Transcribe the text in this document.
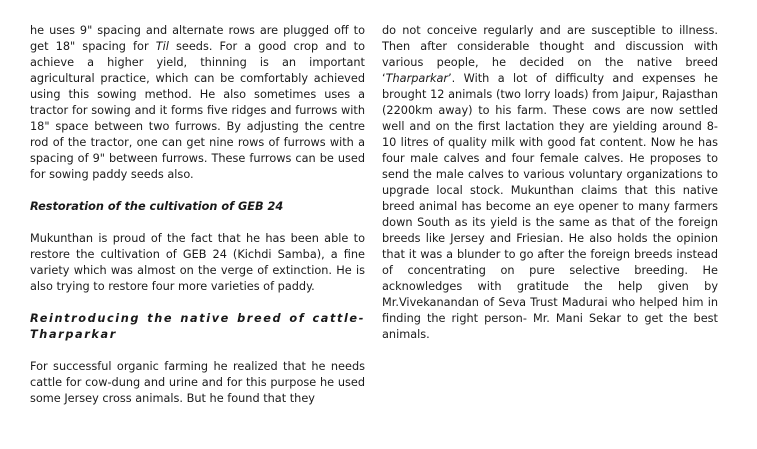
he uses 9" spacing and alternate rows are plugged off to get 18" spacing for Til seeds. For a good crop and to achieve a higher yield, thinning is an important agricultural practice, which can be comfortably achieved using this sowing method. He also sometimes uses a tractor for sowing and it forms five ridges and furrows with 18" space between two furrows. By adjusting the centre rod of the tractor, one can get nine rows of furrows with a spacing of 9" between furrows. These furrows can be used for sowing paddy seeds also.

Restoration of the cultivation of GEB 24

Mukunthan is proud of the fact that he has been able to restore the cultivation of GEB 24 (Kichdi Samba), a fine variety which was almost on the verge of extinction. He is also trying to restore four more varieties of paddy.

Reintroducing the native breed of cattle- Tharparkar

For successful organic farming he realized that he needs cattle for cow-dung and urine and for this purpose he used some Jersey cross animals. But he found that they

do not conceive regularly and are susceptible to illness. Then after considerable thought and discussion with various people, he decided on the native breed ‘Tharparkar’. With a lot of difficulty and expenses he brought 12 animals (two lorry loads) from Jaipur, Rajasthan (2200km away) to his farm. These cows are now settled well and on the first lactation they are yielding around 8-10 litres of quality milk with good fat content. Now he has four male calves and four female calves. He proposes to send the male calves to various voluntary organizations to upgrade local stock. Mukunthan claims that this native breed animal has become an eye opener to many farmers down South as its yield is the same as that of the foreign breeds like Jersey and Friesian. He also holds the opinion that it was a blunder to go after the foreign breeds instead of concentrating on pure selective breeding. He acknowledges with gratitude the help given by Mr.Vivekanandan of Seva Trust Madurai who helped him in finding the right person- Mr. Mani Sekar to get the best animals.
